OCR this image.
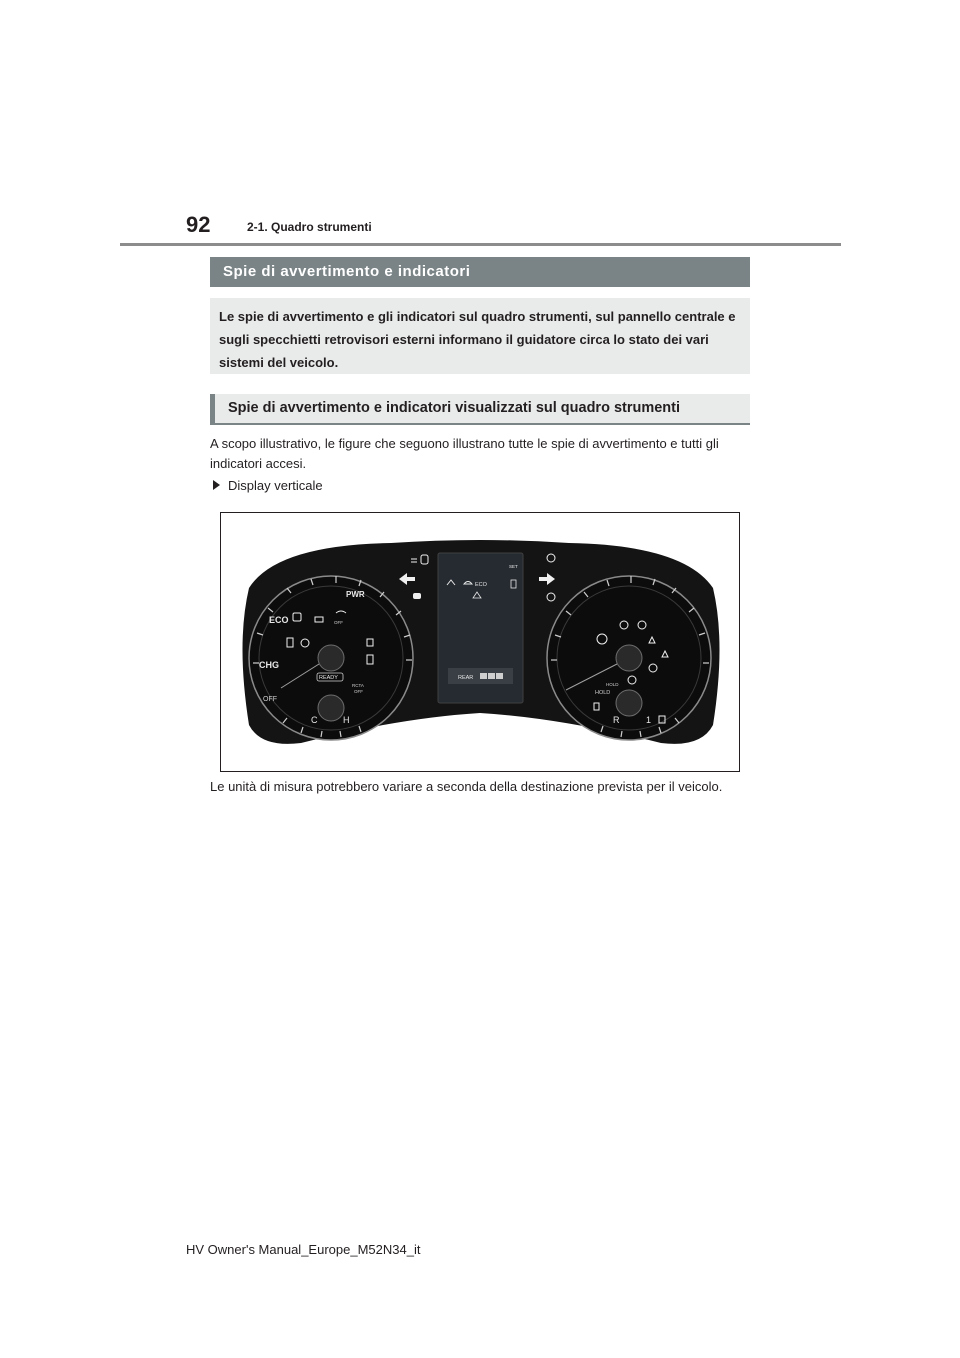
92	2-1. Quadro strumenti
Spie di avvertimento e indicatori
Le spie di avvertimento e gli indicatori sul quadro strumenti, sul pannello centrale e sugli specchietti retrovisori esterni informano il guidatore circa lo stato dei vari sistemi del veicolo.
Spie di avvertimento e indicatori visualizzati sul quadro strumenti
A scopo illustrativo, le figure che seguono illustrano tutte le spie di avvertimento e tutti gli indicatori accesi.
Display verticale
PWR
ECO
CHG
OFF
C	H
OFF
READY
RCTA
OFF
ECO
SET
REAR
HOLD
HOLD
R	1
Le unità di misura potrebbero variare a seconda della destinazione prevista per il veicolo.
HV Owner's Manual_Europe_M52N34_it
